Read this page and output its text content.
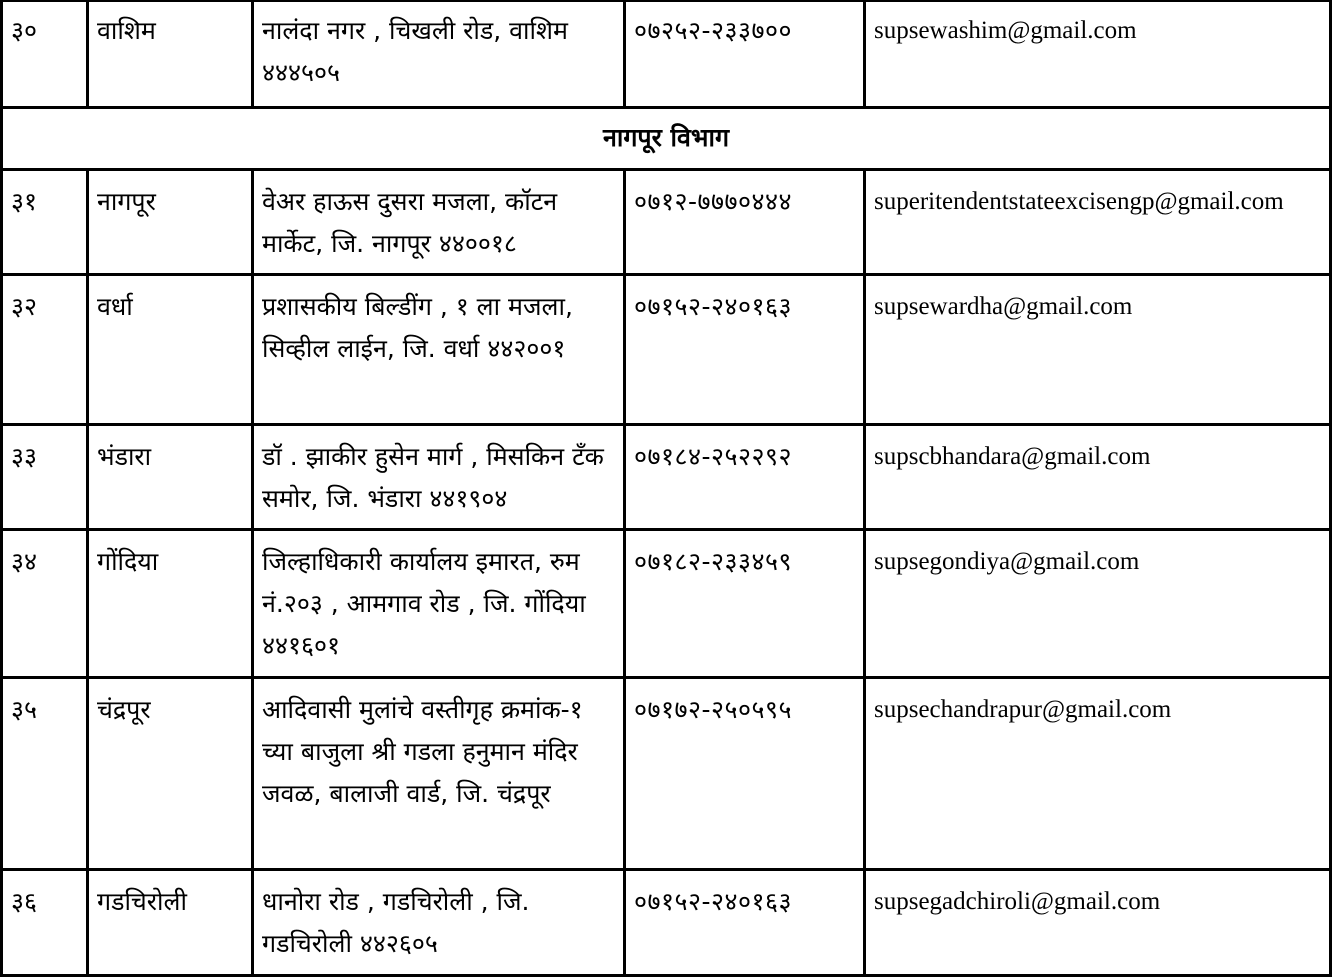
३०	वाशिम	नालंदा नगर , चिखली रोड, वाशिम ४४४५०५	०७२५२-२३३७००	supsewashim@gmail.com
नागपूर विभाग				
३१	नागपूर	वेअर हाऊस दुसरा मजला, कॉटन मार्केट, जि. नागपूर ४४००१८	०७१२-७७७०४४४	superitendentstateexcisengp@gmail.com
३२	वर्धा	प्रशासकीय बिल्डींग , १ ला मजला, सिव्हील लाईन, जि. वर्धा ४४२००१	०७१५२-२४०१६३	supsewardha@gmail.com
३३	भंडारा	डॉ . झाकीर हुसेन मार्ग , मिसकिन टँक समोर, जि. भंडारा ४४१९०४	०७१८४-२५२२९२	supscbhandara@gmail.com
३४	गोंदिया	जिल्हाधिकारी कार्यालय इमारत, रुम नं.२०३ , आमगाव रोड , जि. गोंदिया ४४१६०१	०७१८२-२३३४५९	supsegondiya@gmail.com
३५	चंद्रपूर	आदिवासी मुलांचे वस्तीगृह क्रमांक-१ च्या बाजुला श्री गडला हनुमान मंदिर जवळ, बालाजी वार्ड, जि. चंद्रपूर	०७१७२-२५०५९५	supsechandrapur@gmail.com
३६	गडचिरोली	धानोरा रोड , गडचिरोली , जि. गडचिरोली ४४२६०५	०७१५२-२४०१६३	supsegadchiroli@gmail.com
